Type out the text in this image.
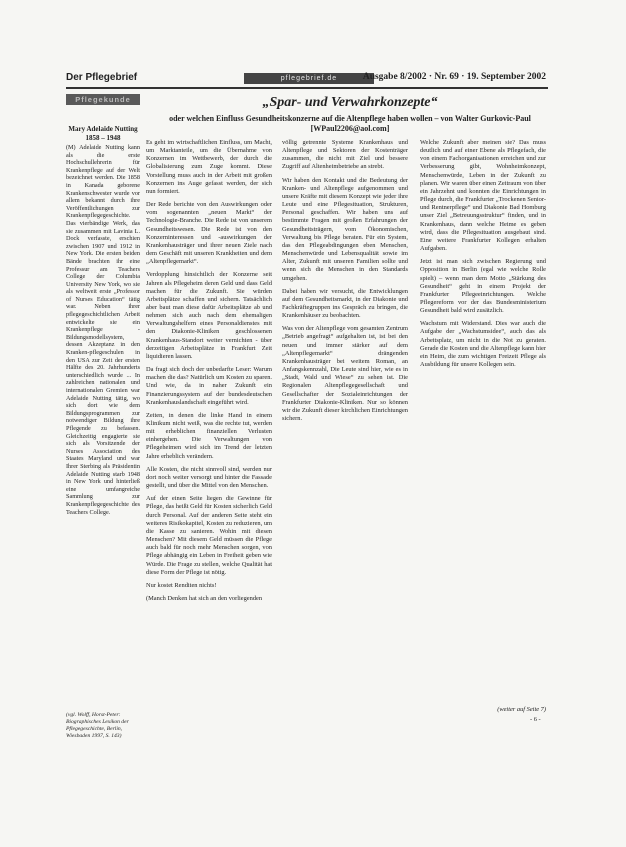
Der Pflegebrief	pflegebrief.de	Ausgabe 8/2002 · Nr. 69 · 19. September 2002
Pflegekunde
Mary Adelaide Nutting
1858 – 1948
(M) Adelaide Nutting kann als die erste Hochschullehrerin für Krankenpflege auf der Welt bezeichnet werden. Die 1858 in Kanada geborene Krankenschwester wurde vor allem bekannt durch ihre Veröffentlichungen zur Krankenpflegegeschichte. Das vierbändige Werk, das sie zusammen mit Lavinia L. Dock verfasste, erschien zwischen 1907 und 1912 in New York. Die ersten beiden Bände brachten ihr eine Professur am Teachers College der Columbia University New York, wo sie als weltweit erste „Professor of Nurses Education“ tätig war. Neben ihrer pflegegeschichtlichen Arbeit entwickelte sie ein Krankenpflege - Bildungsmodellsystem, dessen Akzeptanz in den Kranken-pflegeschulen in den USA zur Zeit der ersten Hälfte des 20. Jahrhunderts unterschiedlich wurde ... In zahlreichen nationalen und internationalen Gremien war Adelaide Nutting tätig, wo sich dort wie dem Bildungsprogrammen zur notwendiger Bildung ihre Pflegende zu befassen. Gleichzeitig engagierte sie sich als Vorsitzende der Nurses Association des Staates Maryland und war Ihrer Sterbing als Präsidentin Adelaide Nutting starb 1948 in New York und hinterließ eine umfangreiche Sammlung zur Krankenpflegegeschichte des Teachers College.
(vgl. Wolff, Horst-Peter: Biographisches Lexikon der Pflegegeschichte, Berlin, Wiesbaden 1997, S. 143)
„Spar- und Verwahrkonzepte“
oder welchen Einfluss Gesundheitskonzerne auf die Altenpflege haben wollen – von Walter Gurkovic-Paul [WPaul2206@aol.com]

Es geht im wirtschaftlichen Einfluss, um Macht, um Marktanteile, um die Übernahme von Konzernen im Wettbewerb, der durch die Globalisierung zum Zuge kommt. Diese Vorstellung muss auch in der Arbeit mit großen Konzernen ins Auge gefasst werden, der sich nun formiert.

Der Rede berichte von den Auswirkungen oder vom sogenannten „neuen Markt“ der Technologie-Branche. Die Rede ist von unserem Gesundheitswesen. Die Rede ist von den Konzerninteressen und -auswirkungen der Krankenhausträger und ihrer neuen Ziele nach dem Geschäft mit unseren Krankheiten und dem „Altenpflegemarkt“.

Verdopplung hinsichtlich der Konzerne seit Jahren als Pflegeheim deren Geld und dass Geld machen für die Zukunft. Sie würden Arbeitsplätze schaffen und sichern. Tatsächlich aber baut man diese dafür Arbeitsplätze ab und nehmen sich auch nach dem ehemaligen Verwaltungshelfern eines Personaldienstes mit den Diakonie-Kliniken geschlossenen Krankenhaus-Standort weiter vernichten - über derzeitigen Arbeitsplätze in Frankfurt Zeit liquidieren lassen.

Da fragt sich doch der unbedarfte Leser: Warum machen die das? Natürlich um Kosten zu sparen. Und wie, da in naher Zukunft ein Finanzierungssystem auf der bundesdeutschen Krankenhauslandschaft eingeführt wird.

Zeiten, in denen die linke Hand in einem Klinikum nicht weiß, was die rechte tut, werden mit erheblichen finanziellen Verlusten einhergehen. Die Verwaltungen von Pflegeheimen wird sich im Trend der letzten Jahre erheblich verändern.

Alle Kosten, die nicht sinnvoll sind, werden nur dort noch weiter versorgt und hinter die Fassade gestellt, und über die Mittel von den Menschen.

Auf der einen Seite liegen die Gewinne für Pflege, das heißt Geld für Kosten sicherlich Geld durch Personal. Auf der anderen Seite steht ein weiteres Risikokapitel, Kosten zu reduzieren, um die Kasse zu sanieren. Wohin mit diesen Menschen? Mit diesem Geld müssen die Pflege auch bald für noch mehr Menschen sorgen, von Pflege abhängig ein Leben in Freiheit geben wie Würde. Die Frage zu stellen, welche Qualität hat diese Form der Pflege ist nötig.

Nur kostet Renditen nichts!

(Manch Denken hat sich an den vorliegenden

völlig getrennte Systeme Krankenhaus und Altenpflege und Sektoren der Kostenträger zusammen, die nicht mit Ziel und bessere Zugriff auf Altenheimbetriebe an strebt.

Wir haben den Kontakt und die Bedeutung der Kranken- und Altenpflege aufgenommen und unsere Kräfte mit diesem Konzept wie jeder ihre Leute und eine Pflegesituation, Strukturen, Personal geschaffen. Wir haben uns auf bestimmte Fragen mit großen Erfahrungen der Gesundheitsträgern, vom Ökonomischen, Verwaltung bis Pflege beraten. Für ein System, das den Pflegeabdingungen eben Menschen, Menschenwürde und Lebensqualität sowie im Alter, Zukunft mit unseren Familien sollte und wenn sich die Menschen in den Standards umgehen.

Dabei haben wir versucht, die Entwicklungen auf dem Gesundheitsmarkt, in der Diakonie und Fachkräftegruppen ins Gespräch zu bringen, die Krankenhäuser zu beobachten.

Was von der Altenpflege vom gesamten Zentrum „Betrieb angefragt“ aufgehalten ist, ist bei den neuen und immer stärker auf dem „Altenpflegemarkt“ drängenden Krankenhausträger bei weitem Roman, an Anfangskennzahl, Die Leute sind hier, wie es in „Stadt, Wald und Wiese“ zu sehen ist. Die Regionalen Altenpflegegesellschaft und Gesellschafter der Sozialeinrichtungen der Frankfurter Diakonie-Kliniken. Nur so können wir die Zukunft dieser kirchlichen Einrichtungen sichern.

Welche Zukunft aber meinen sie? Das muss deutlich und auf einer Ebene als Pflegefach, die von einem Fachorganisationen erreichen und zur Verbesserung gibt, Wohnheimkonzept, Menschenwürde, Leben in der Zukunft zu planen. Wir waren über einen Zeitraum von über ein Jahrzehnt und konnten die Einrichtungen in Pflege durch, die Frankfurter „Trockenen Senior- und Rentnerpflege“ und Diakonie Bad Homburg unser Ziel „Betreuungsstruktur“ finden, und in Krankenhaus, dann welche Heime es geben wird, dass die Pflegesituation ausgebaut sind. Eine weitere Frankfurter Kollegen erhalten Aufgaben.

Jetzt ist man sich zwischen Regierung und Opposition in Berlin (egal wie welche Rolle spielt) – wenn man dem Motto „Stärkung des Gesundheit“ geht in einem Projekt der Frankfurter Pflegeeinrichtungen. Welche Pflegereform vor der das Bundesministerium Gesundheit bald wird zusätzlich.

Wachstum mit Widerstand. Dies war auch die Aufgabe der „Wachstumsidee“, auch das als Arbeitsplatz, um nicht in die Not zu geraten. Gerade die Kosten und die Altenpflege kann hier ein Heim, die zum wichtigen Freizeit Pflege als Ausbildung für unsere Kollegen sein.

(weiter auf Seite 7)
- 6 -
